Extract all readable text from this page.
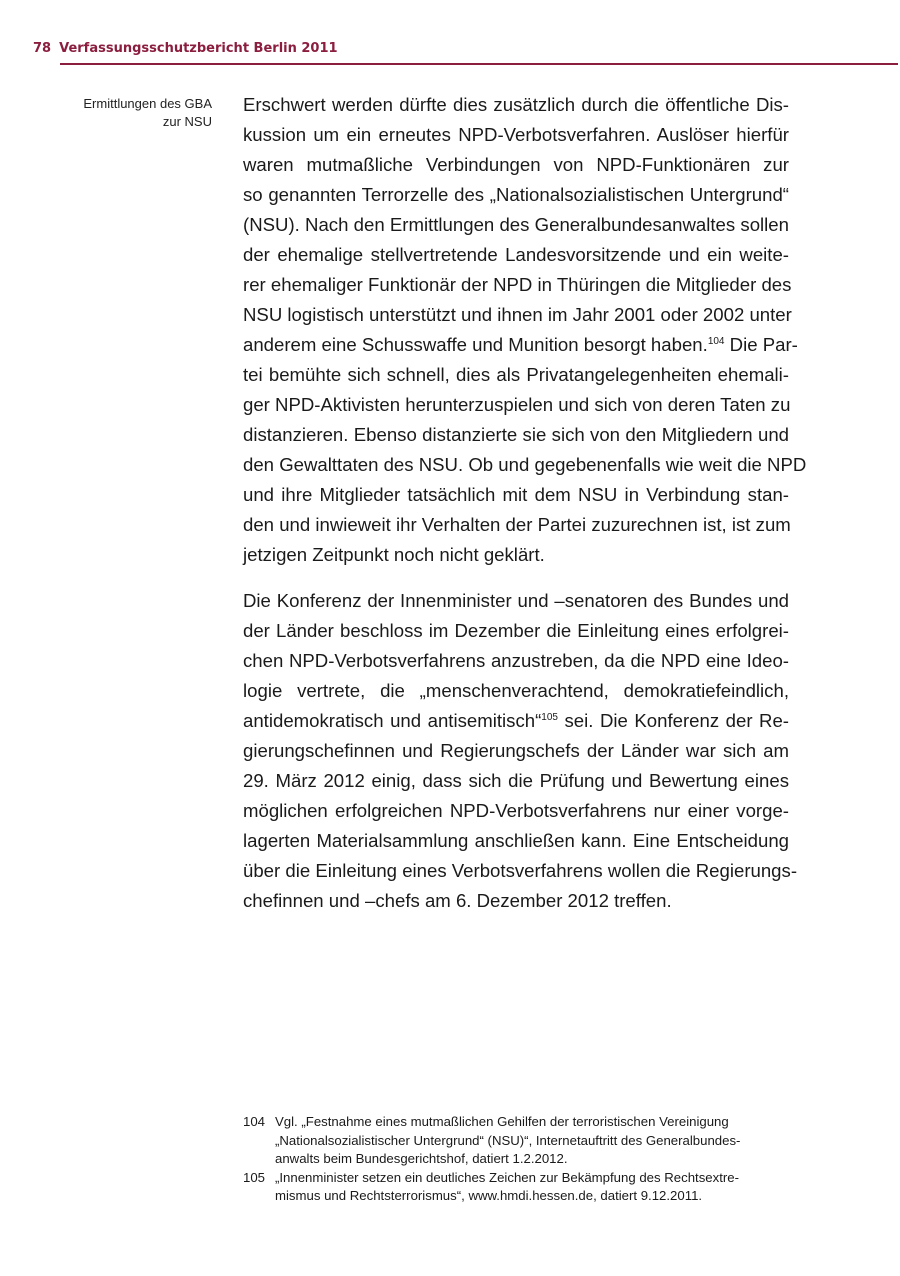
78 Verfassungsschutzbericht Berlin 2011
Ermittlungen des GBA
zur NSU

Erschwert werden dürfte dies zusätzlich durch die öffentliche Dis-
kussion um ein erneutes NPD-Verbotsverfahren. Auslöser hierfür
waren mutmaßliche Verbindungen von NPD-Funktionären zur
so genannten Terrorzelle des „Nationalsozialistischen Untergrund“
(NSU). Nach den Ermittlungen des Generalbundesanwaltes sollen
der ehemalige stellvertretende Landesvorsitzende und ein weite-
rer ehemaliger Funktionär der NPD in Thüringen die Mitglieder des
NSU logistisch unterstützt und ihnen im Jahr 2001 oder 2002 unter
anderem eine Schusswaffe und Munition besorgt haben.$^{104}$ Die Par-
tei bemühte sich schnell, dies als Privatangelegenheiten ehemali-
ger NPD-Aktivisten herunterzuspielen und sich von deren Taten zu
distanzieren. Ebenso distanzierte sie sich von den Mitgliedern und
den Gewalttaten des NSU. Ob und gegebenenfalls wie weit die NPD
und ihre Mitglieder tatsächlich mit dem NSU in Verbindung stan-
den und inwieweit ihr Verhalten der Partei zuzurechnen ist, ist zum
jetzigen Zeitpunkt noch nicht geklärt.

Die Konferenz der Innenminister und –senatoren des Bundes und
der Länder beschloss im Dezember die Einleitung eines erfolgrei-
chen NPD-Verbotsverfahrens anzustreben, da die NPD eine Ideo-
logie vertrete, die „menschenverachtend, demokratiefeindlich,
antidemokratisch und antisemitisch“$^{105}$ sei. Die Konferenz der Re-
gierungschefinnen und Regierungschefs der Länder war sich am
29. März 2012 einig, dass sich die Prüfung und Bewertung eines
möglichen erfolgreichen NPD-Verbotsverfahrens nur einer vorge-
lagerten Materialsammlung anschließen kann. Eine Entscheidung
über die Einleitung eines Verbotsverfahrens wollen die Regierungs-
chefinnen und –chefs am 6. Dezember 2012 treffen.

104 Vgl. „Festnahme eines mutmaßlichen Gehilfen der terroristischen Vereinigung
„Nationalsozialistischer Untergrund“ (NSU)“, Internetauftritt des Generalbundes-
anwalts beim Bundesgerichtshof, datiert 1.2.2012.
105 „Innenminister setzen ein deutliches Zeichen zur Bekämpfung des Rechtsextre-
mismus und Rechtsterrorismus“, www.hmdi.hessen.de, datiert 9.12.2011.
